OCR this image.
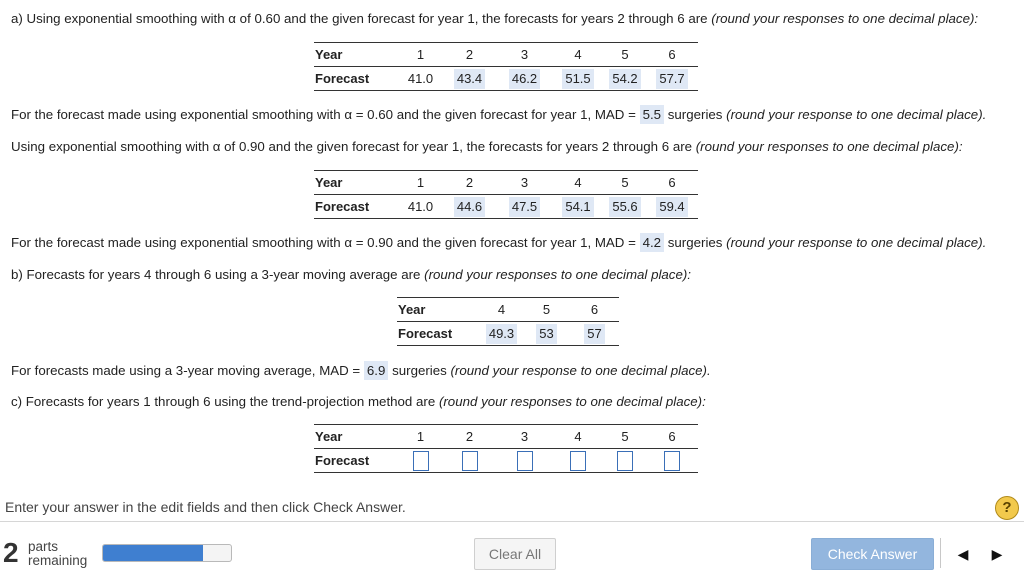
a) Using exponential smoothing with α of 0.60 and the given forecast for year 1, the forecasts for years 2 through 6 are (round your responses to one decimal place):
Year	1	2	3	4	5	6
Forecast	41.0	43.4	46.2	51.5	54.2	57.7
For the forecast made using exponential smoothing with α = 0.60 and the given forecast for year 1, MAD = 5.5 surgeries (round your response to one decimal place).
Using exponential smoothing with α of 0.90 and the given forecast for year 1, the forecasts for years 2 through 6 are (round your responses to one decimal place):
Year	1	2	3	4	5	6
Forecast	41.0	44.6	47.5	54.1	55.6	59.4
For the forecast made using exponential smoothing with α = 0.90 and the given forecast for year 1, MAD = 4.2 surgeries (round your response to one decimal place).
b) Forecasts for years 4 through 6 using a 3-year moving average are (round your responses to one decimal place):
Year	4	5	6
Forecast	49.3	53	57
For forecasts made using a 3-year moving average, MAD = 6.9 surgeries (round your response to one decimal place).
c) Forecasts for years 1 through 6 using the trend-projection method are (round your responses to one decimal place):
Year	1	2	3	4	5	6
Forecast						
Enter your answer in the edit fields and then click Check Answer.	?
2 parts
remaining	Clear All	Check Answer	◀ ▶
